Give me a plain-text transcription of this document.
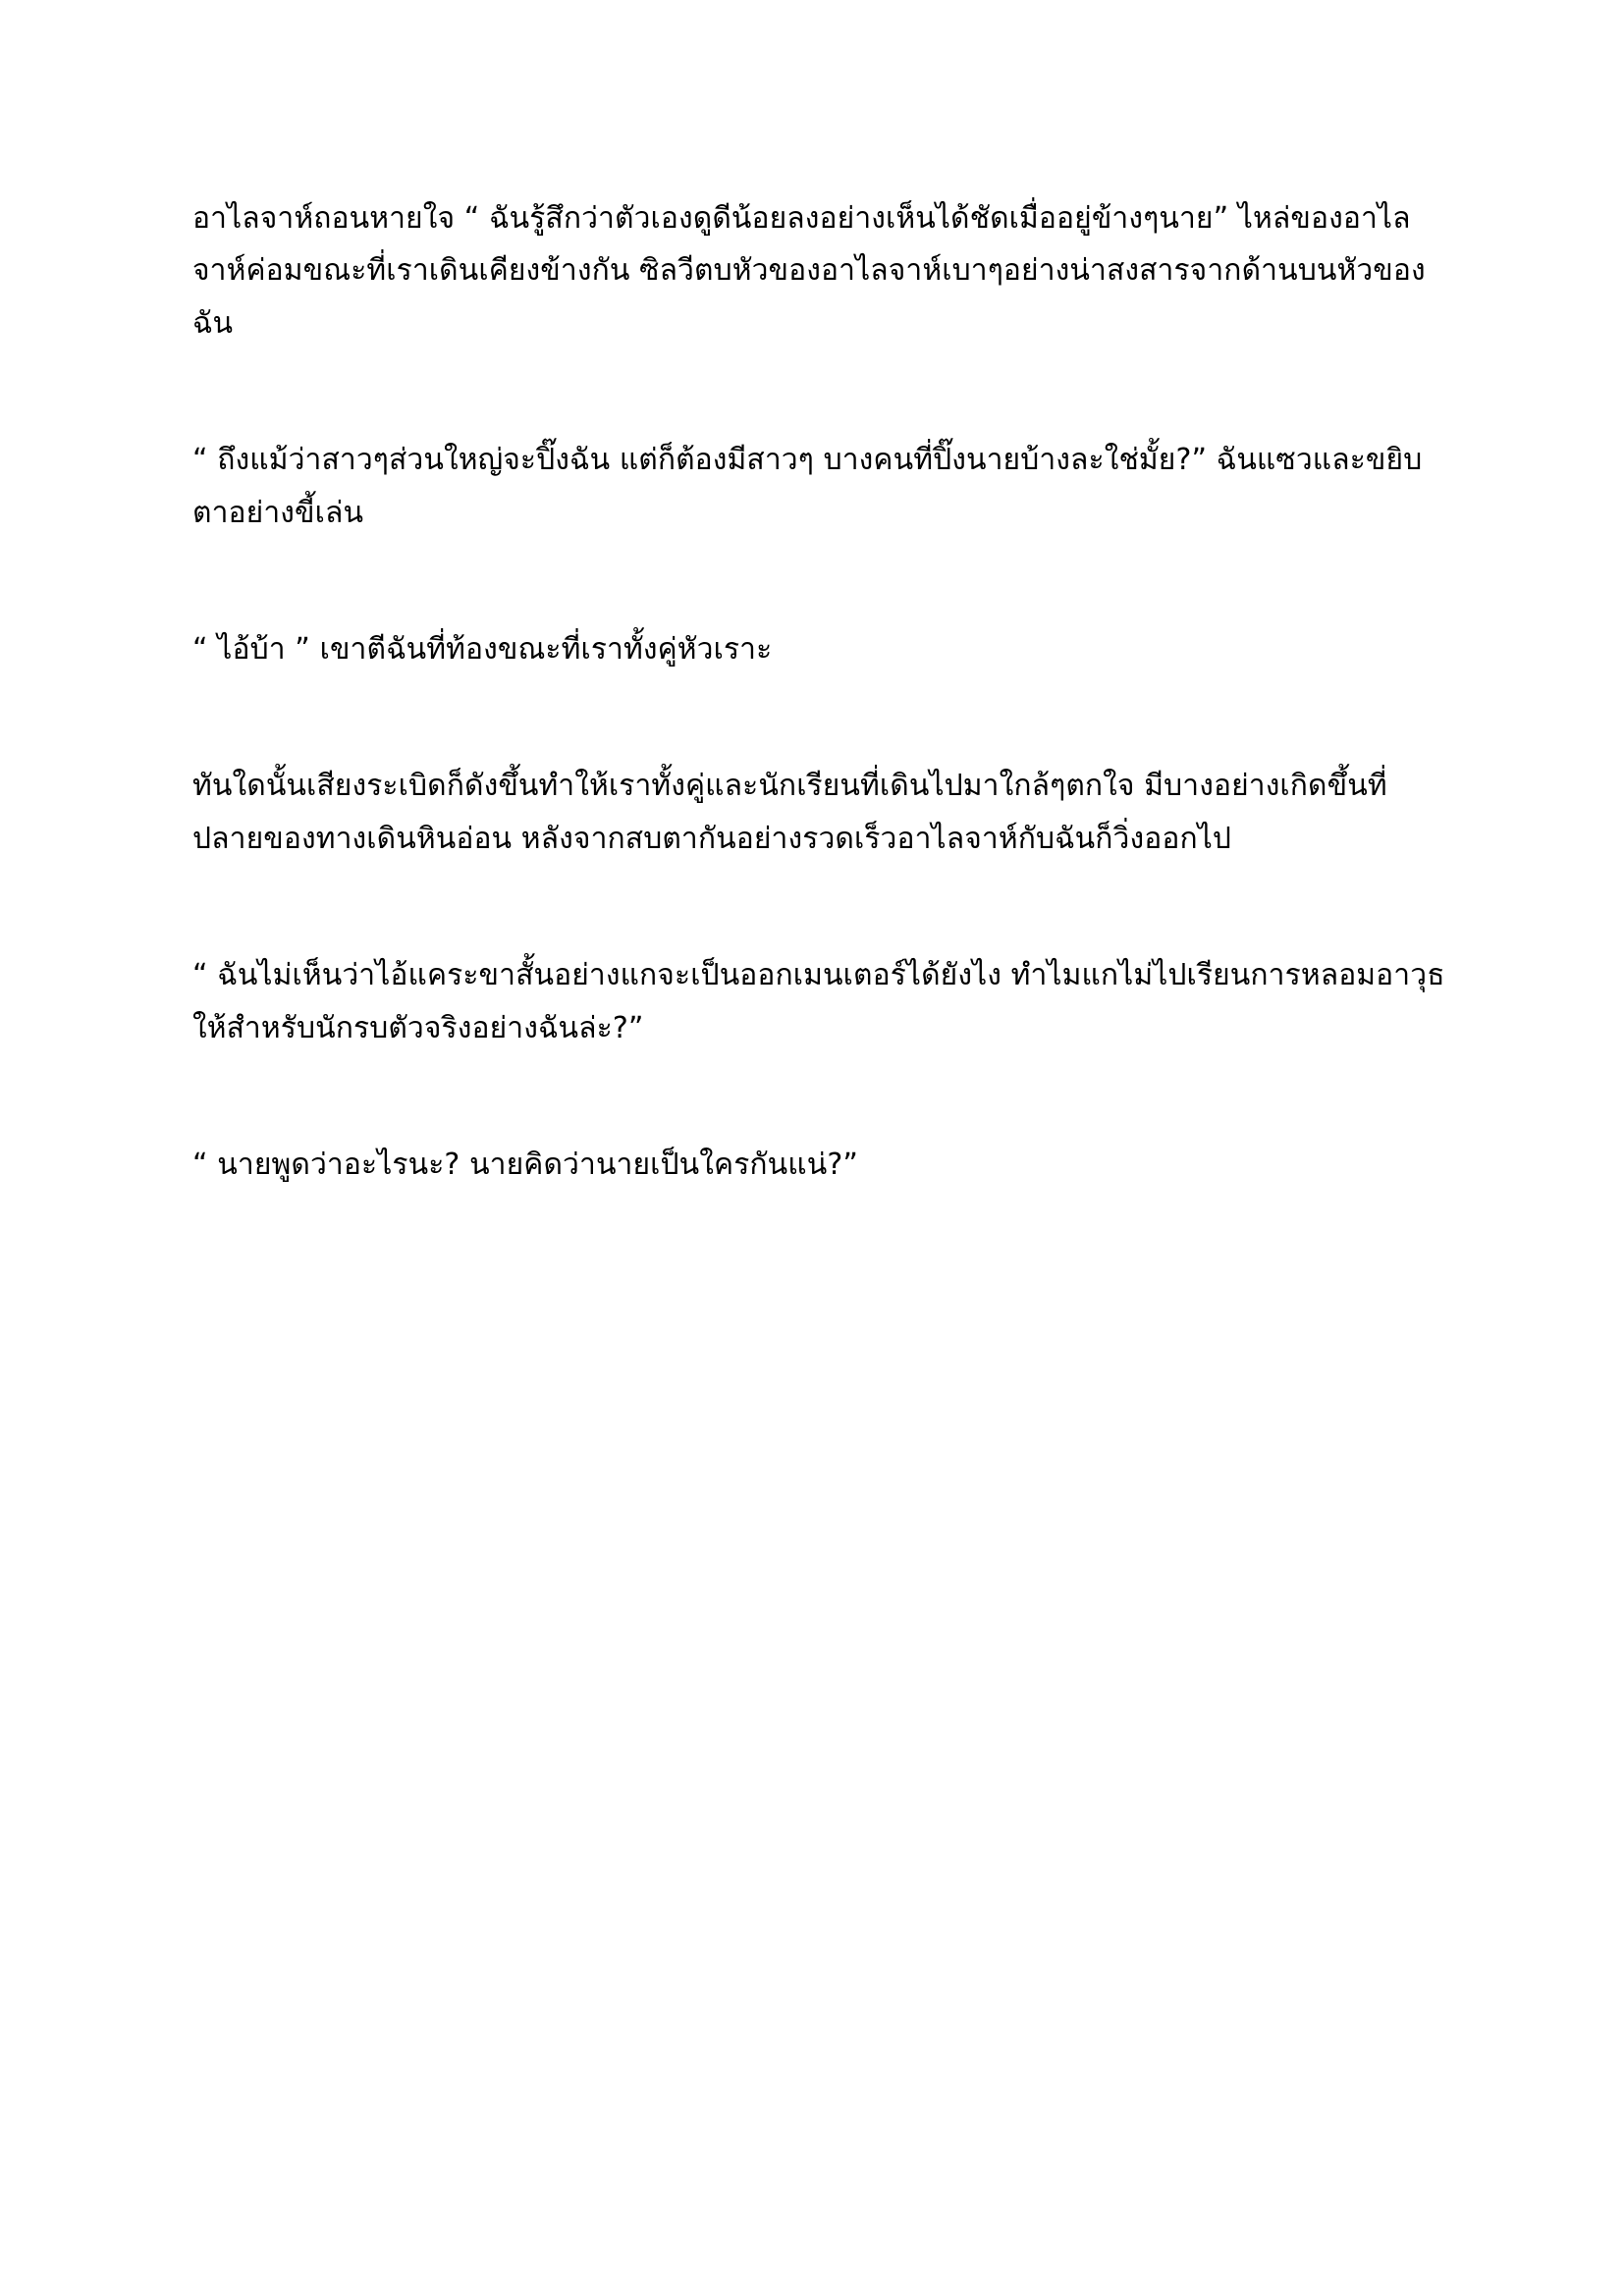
อาไลจาห์ถอนหายใจ “ ฉันรู้สึกว่าตัวเองดูดีน้อยลงอย่างเห็นได้ชัดเมื่ออยู่ข้างๆนาย” ไหล่ของอาไลจาห์ค่อมขณะที่เราเดินเคียงข้างกัน ซิลวีตบหัวของอาไลจาห์เบาๆอย่างน่าสงสารจากด้านบนหัวของฉัน

“ ถึงแม้ว่าสาวๆส่วนใหญ่จะปิ๊งฉัน แต่ก็ต้องมีสาวๆ บางคนที่ปิ๊งนายบ้างละใช่มั้ย?” ฉันแซวและขยิบตาอย่างขี้เล่น

“ ไอ้บ้า ” เขาตีฉันที่ท้องขณะที่เราทั้งคู่หัวเราะ

ทันใดนั้นเสียงระเบิดก็ดังขึ้นทำให้เราทั้งคู่และนักเรียนที่เดินไปมาใกล้ๆตกใจ มีบางอย่างเกิดขึ้นที่ปลายของทางเดินหินอ่อน หลังจากสบตากันอย่างรวดเร็วอาไลจาห์กับฉันก็วิ่งออกไป

“ ฉันไม่เห็นว่าไอ้แคระขาสั้นอย่างแกจะเป็นออกเมนเตอร์ได้ยังไง ทำไมแกไม่ไปเรียนการหลอมอาวุธให้สำหรับนักรบตัวจริงอย่างฉันล่ะ?”

“ นายพูดว่าอะไรนะ? นายคิดว่านายเป็นใครกันแน่?”
